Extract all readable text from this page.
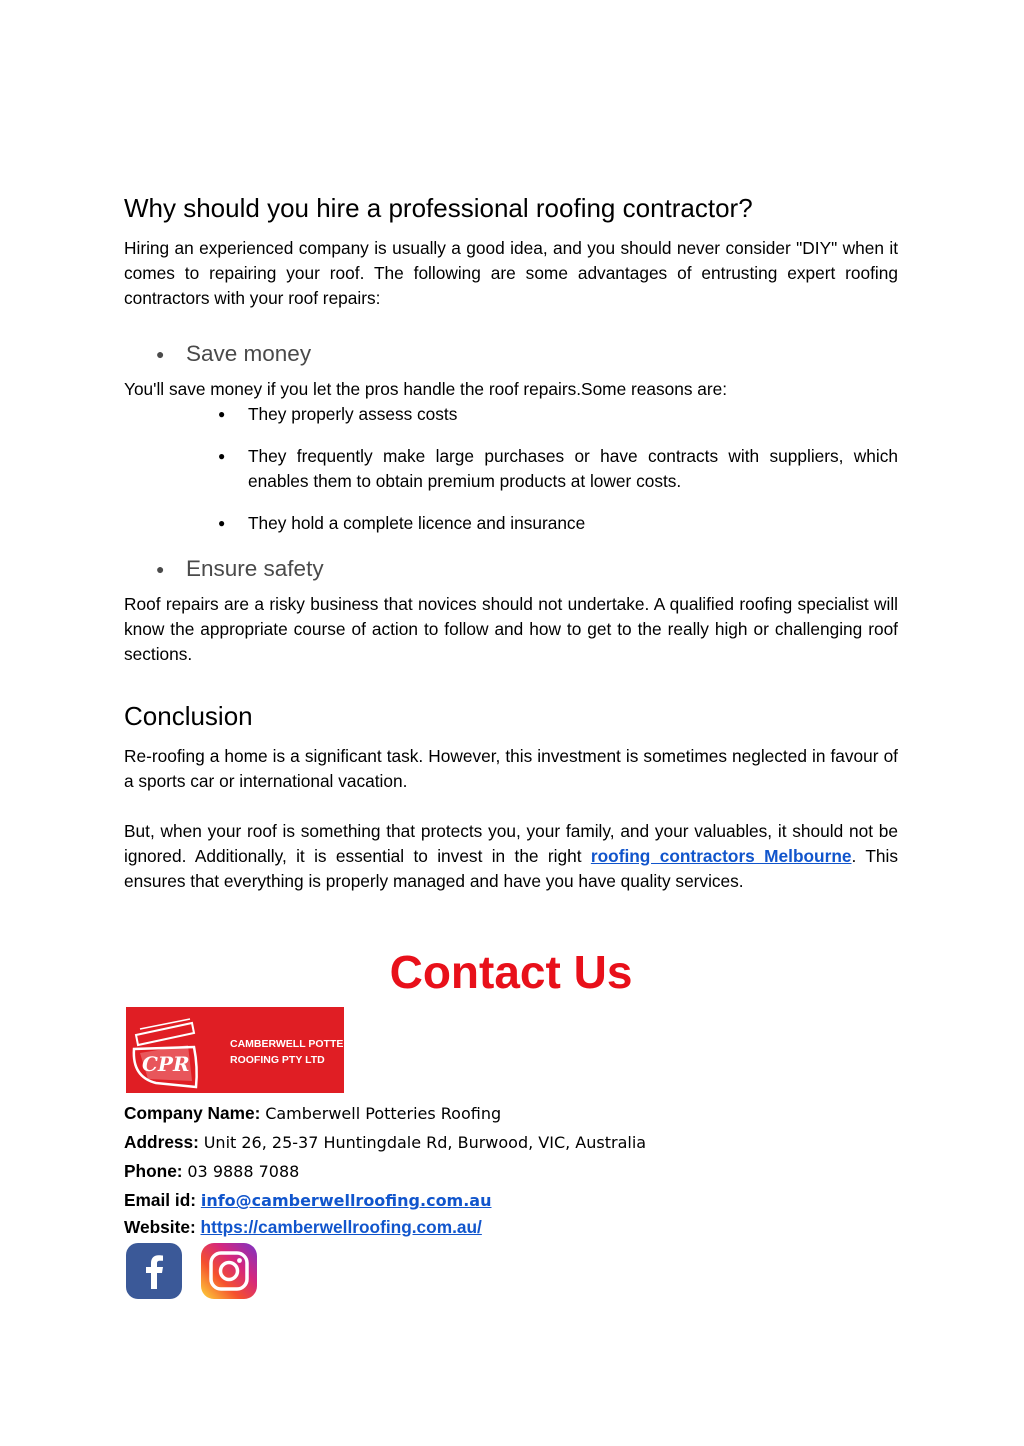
Why should you hire a professional roofing contractor?
Hiring an experienced company is usually a good idea, and you should never consider "DIY" when it comes to repairing your roof. The following are some advantages of entrusting expert roofing contractors with your roof repairs:
● Save money
You'll save money if you let the pros handle the roof repairs.Some reasons are:
● They properly assess costs
● They frequently make large purchases or have contracts with suppliers, which enables them to obtain premium products at lower costs.
● They hold a complete licence and insurance
● Ensure safety
Roof repairs are a risky business that novices should not undertake. A qualified roofing specialist will know the appropriate course of action to follow and how to get to the really high or challenging roof sections.
Conclusion
Re-roofing a home is a significant task. However, this investment is sometimes neglected in favour of a sports car or international vacation.
But, when your roof is something that protects you, your family, and your valuables, it should not be ignored. Additionally, it is essential to invest in the right roofing contractors Melbourne. This ensures that everything is properly managed and have you have quality services.
Contact Us
CPR
CAMBERWELL POTTERIES
ROOFING PTY LTD
Company Name: Camberwell Potteries Roofing
Address: Unit 26, 25-37 Huntingdale Rd, Burwood, VIC, Australia
Phone: 03 9888 7088
Email id: info@camberwellroofing.com.au
Website: https://camberwellroofing.com.au/
